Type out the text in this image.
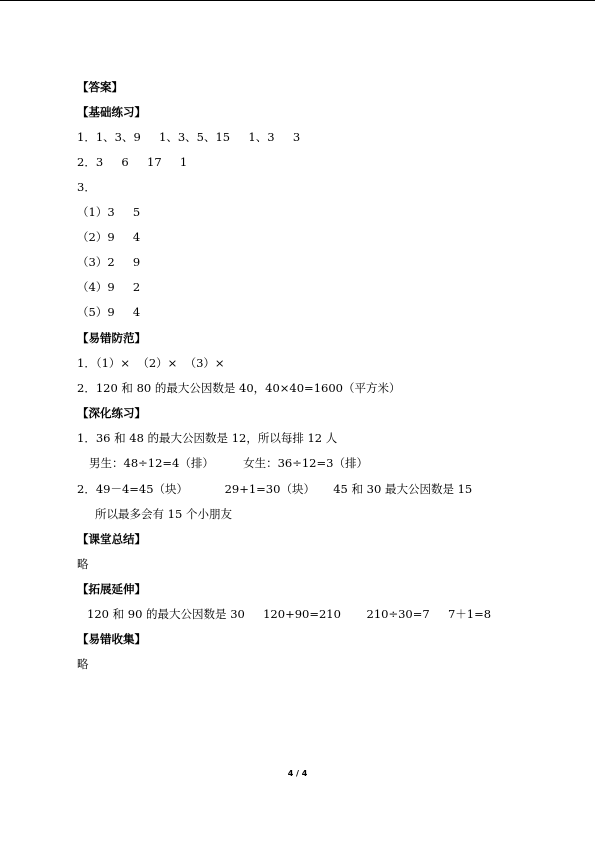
【答案】
【基础练习】
1．1、3、9     1、3、5、15     1、3     3
2．3     6     17     1
3．
（1）3     5
（2）9     4
（3）2     9
（4）9     2
（5）9     4
【易错防范】
1．（1）×  （2）×  （3）×
2．120 和 80 的最大公因数是 40，40×40=1600（平方米）
【深化练习】
1．36 和 48 的最大公因数是 12，所以每排 12 人
男生：48÷12=4（排）        女生：36÷12=3（排）
2．49－4=45（块）          29+1=30（块）     45 和 30 最大公因数是 15
所以最多会有 15 个小朋友
【课堂总结】
略
【拓展延伸】
120 和 90 的最大公因数是 30     120+90=210       210÷30=7     7＋1=8
【易错收集】
略
4 / 4
